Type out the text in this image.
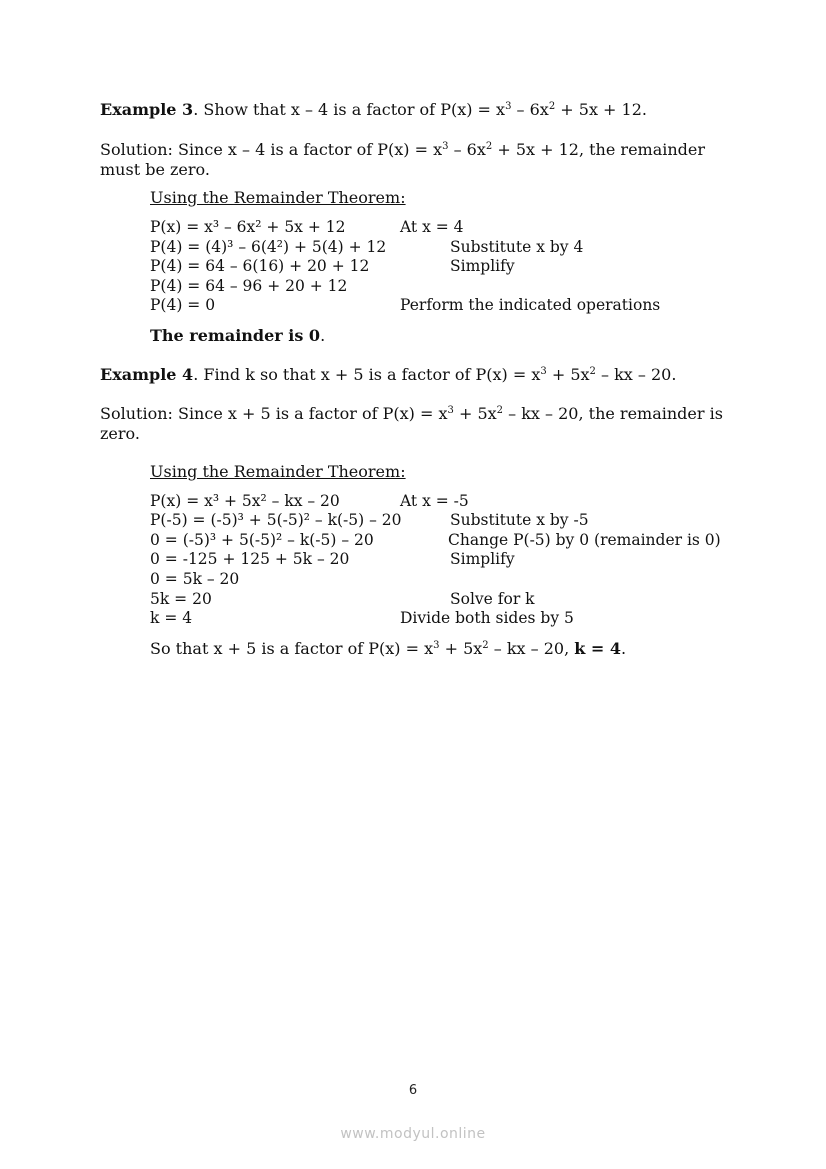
Example 3. Show that x – 4 is a factor of $P(x) = x^3 - 6x^2 + 5x + 12$.

Solution: Since x – 4 is a factor of $P(x) = x^3 - 6x^2 + 5x + 12$, the remainder
must be zero.

Using the Remainder Theorem:
P(x) = x³ – 6x² + 5x + 12	At x = 4
P(4) = (4)³ – 6(4²) + 5(4) + 12	Substitute x by 4
P(4) = 64 – 6(16) + 20 + 12	Simplify
P(4) = 64 – 96 + 20 + 12
P(4) = 0	Perform the indicated operations
The remainder is 0.

Example 4. Find k so that x + 5 is a factor of $P(x) = x^3 + 5x^2$ – kx – 20.

Solution: Since x + 5 is a factor of $P(x) = x^3 + 5x^2$ – kx – 20, the remainder is
zero.

Using the Remainder Theorem:
P(x) = x³ + 5x² – kx – 20	At x = -5
P(-5) = (-5)³ + 5(-5)² – k(-5) – 20	Substitute x by -5
0 = (-5)³ + 5(-5)² – k(-5) – 20	Change P(-5) by 0 (remainder is 0)
0 = -125 + 125 + 5k – 20	Simplify
0 = 5k – 20
5k = 20	Solve for k
k = 4	Divide both sides by 5
So that x + 5 is a factor of $P(x) = x^3 + 5x^2$ – kx – 20, k = 4.
6
www.modyul.online
